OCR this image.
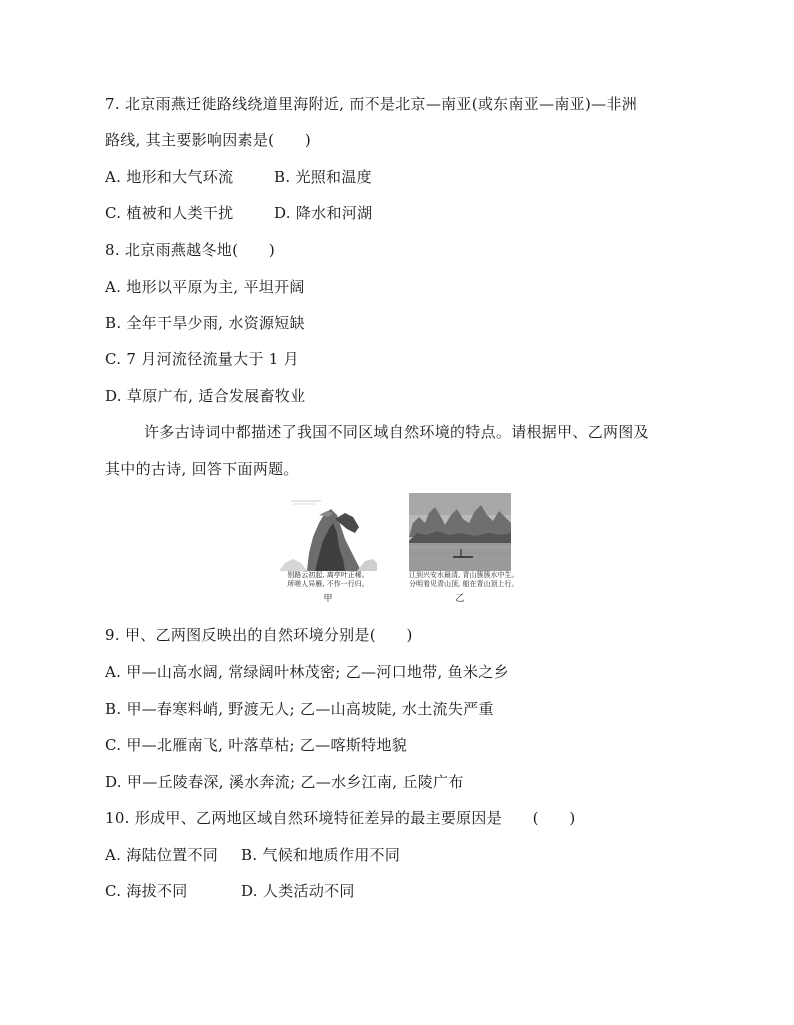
7. 北京雨燕迁徙路线绕道里海附近, 而不是北京—南亚(或东南亚—南亚)—非洲
路线, 其主要影响因素是(　　)
A. 地形和大气环流	B. 光照和温度
C. 植被和人类干扰	D. 降水和河湖
8. 北京雨燕越冬地(　　)
A. 地形以平原为主, 平坦开阔
B. 全年干旱少雨, 水资源短缺
C. 7 月河流径流量大于 1 月
D. 草原广布, 适合发展畜牧业
许多古诗词中都描述了我国不同区域自然环境的特点。请根据甲、乙两图及
其中的古诗, 回答下面两题。
别路云初起, 离亭叶正稀。
所嗟人异雁, 不作一行归。
甲
江到兴安水最清, 青山簇簇水中生。
分明看见青山顶, 船在青山顶上行。
乙
9. 甲、乙两图反映出的自然环境分别是(　　)
A. 甲—山高水阔, 常绿阔叶林茂密; 乙—河口地带, 鱼米之乡
B. 甲—春寒料峭, 野渡无人; 乙—山高坡陡, 水土流失严重
C. 甲—北雁南飞, 叶落草枯; 乙—喀斯特地貌
D. 甲—丘陵春深, 溪水奔流; 乙—水乡江南, 丘陵广布
10. 形成甲、乙两地区域自然环境特征差异的最主要原因是　　(　　)
A. 海陆位置不同 B. 气候和地质作用不同
C. 海拔不同	D. 人类活动不同
